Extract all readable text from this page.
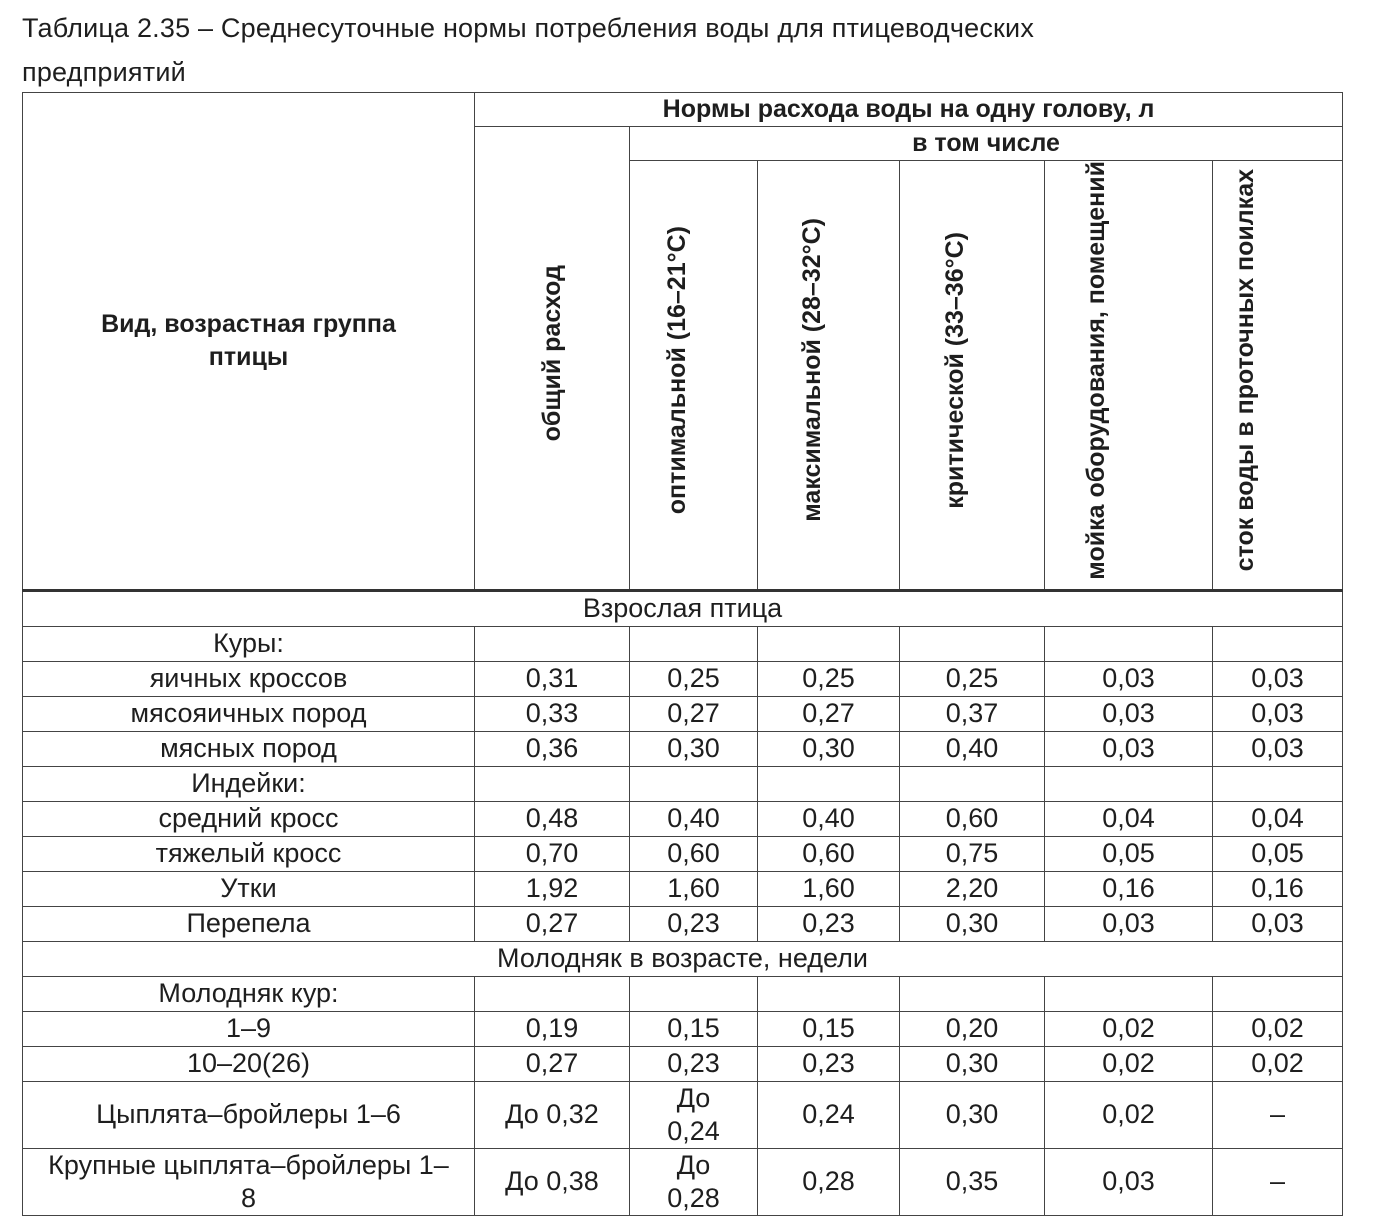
Таблица 2.35 – Среднесуточные нормы потребления воды для птицеводческих
предприятий
Вид, возрастная группа птицы	Нормы расхода воды на одну голову, л					
	общий расход	в том числе				
		оптимальной (16–21°С)	максимальной (28–32°С)	критической (33–36°С)	мойка оборудования, помещений	сток воды в проточных поилках
Взрослая птица						
Куры:						
яичных кроссов	0,31	0,25	0,25	0,25	0,03	0,03
мясояичных пород	0,33	0,27	0,27	0,37	0,03	0,03
мясных пород	0,36	0,30	0,30	0,40	0,03	0,03
Индейки:						
средний кросс	0,48	0,40	0,40	0,60	0,04	0,04
тяжелый кросс	0,70	0,60	0,60	0,75	0,05	0,05
Утки	1,92	1,60	1,60	2,20	0,16	0,16
Перепела	0,27	0,23	0,23	0,30	0,03	0,03
Молодняк в возрасте, недели						
Молодняк кур:						
1–9	0,19	0,15	0,15	0,20	0,02	0,02
10–20(26)	0,27	0,23	0,23	0,30	0,02	0,02
Цыплята–бройлеры 1–6	До 0,32	До 0,24	0,24	0,30	0,02	–
Крупные цыплята–бройлеры 1–8	До 0,38	До 0,28	0,28	0,35	0,03	–
